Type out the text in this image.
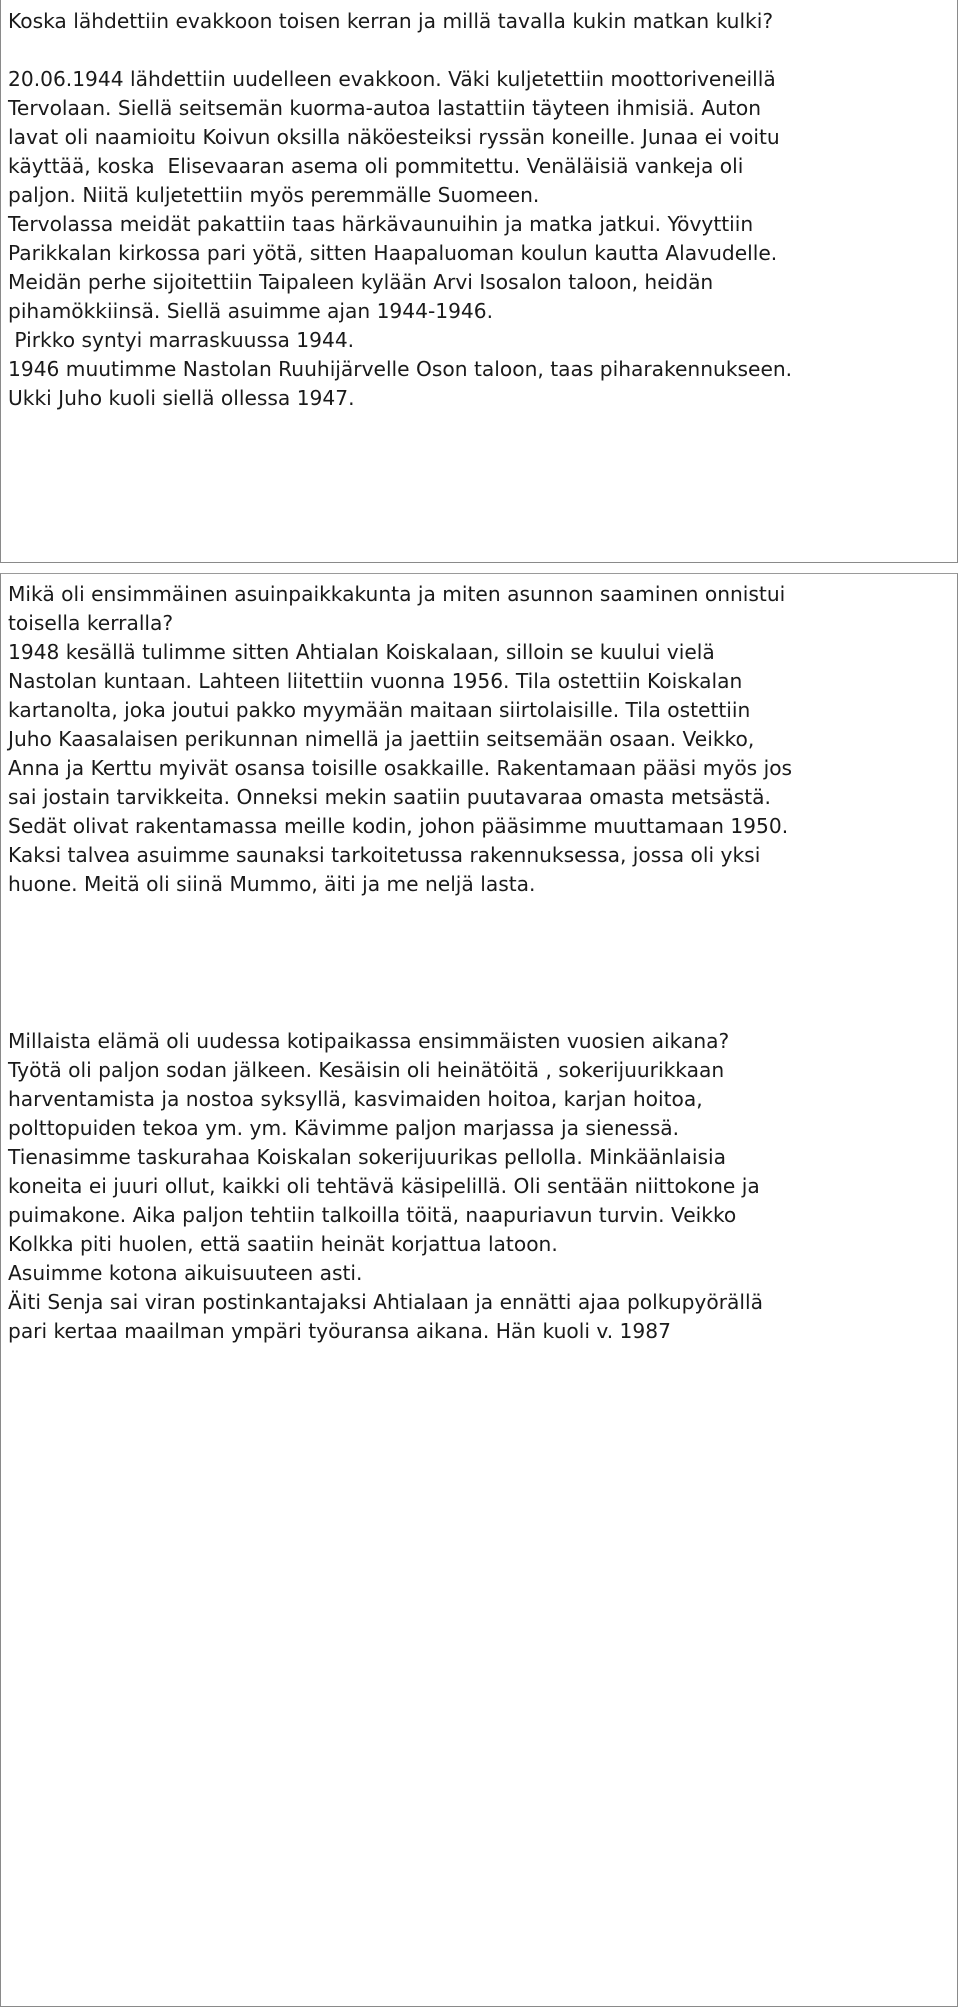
Koska lähdettiin evakkoon toisen kerran ja millä tavalla kukin matkan kulki?

20.06.1944 lähdettiin uudelleen evakkoon. Väki kuljetettiin moottoriveneillä
Tervolaan. Siellä seitsemän kuorma-autoa lastattiin täyteen ihmisiä. Auton
lavat oli naamioitu Koivun oksilla näköesteiksi ryssän koneille. Junaa ei voitu
käyttää, koska  Elisevaaran asema oli pommitettu. Venäläisiä vankeja oli
paljon. Niitä kuljetettiin myös peremmälle Suomeen.
Tervolassa meidät pakattiin taas härkävaunuihin ja matka jatkui. Yövyttiin
Parikkalan kirkossa pari yötä, sitten Haapaluoman koulun kautta Alavudelle.
Meidän perhe sijoitettiin Taipaleen kylään Arvi Isosalon taloon, heidän
pihamökkiinsä. Siellä asuimme ajan 1944-1946.
Pirkko syntyi marraskuussa 1944.
1946 muutimme Nastolan Ruuhijärvelle Oson taloon, taas piharakennukseen.
Ukki Juho kuoli siellä ollessa 1947.
Mikä oli ensimmäinen asuinpaikkakunta ja miten asunnon saaminen onnistui
toisella kerralla?
1948 kesällä tulimme sitten Ahtialan Koiskalaan, silloin se kuului vielä
Nastolan kuntaan. Lahteen liitettiin vuonna 1956. Tila ostettiin Koiskalan
kartanolta, joka joutui pakko myymään maitaan siirtolaisille. Tila ostettiin
Juho Kaasalaisen perikunnan nimellä ja jaettiin seitsemään osaan. Veikko,
Anna ja Kerttu myivät osansa toisille osakkaille. Rakentamaan pääsi myös jos
sai jostain tarvikkeita. Onneksi mekin saatiin puutavaraa omasta metsästä.
Sedät olivat rakentamassa meille kodin, johon pääsimme muuttamaan 1950.
Kaksi talvea asuimme saunaksi tarkoitetussa rakennuksessa, jossa oli yksi
huone. Meitä oli siinä Mummo, äiti ja me neljä lasta.
Millaista elämä oli uudessa kotipaikassa ensimmäisten vuosien aikana?
Työtä oli paljon sodan jälkeen. Kesäisin oli heinätöitä , sokerijuurikkaan
harventamista ja nostoa syksyllä, kasvimaiden hoitoa, karjan hoitoa,
polttopuiden tekoa ym. ym. Kävimme paljon marjassa ja sienessä.
Tienasimme taskurahaa Koiskalan sokerijuurikas pellolla. Minkäänlaisia
koneita ei juuri ollut, kaikki oli tehtävä käsipelillä. Oli sentään niittokone ja
puimakone. Aika paljon tehtiin talkoilla töitä, naapuriavun turvin. Veikko
Kolkka piti huolen, että saatiin heinät korjattua latoon.
Asuimme kotona aikuisuuteen asti.
Äiti Senja sai viran postinkantajaksi Ahtialaan ja ennätti ajaa polkupyörällä
pari kertaa maailman ympäri työuransa aikana. Hän kuoli v. 1987
